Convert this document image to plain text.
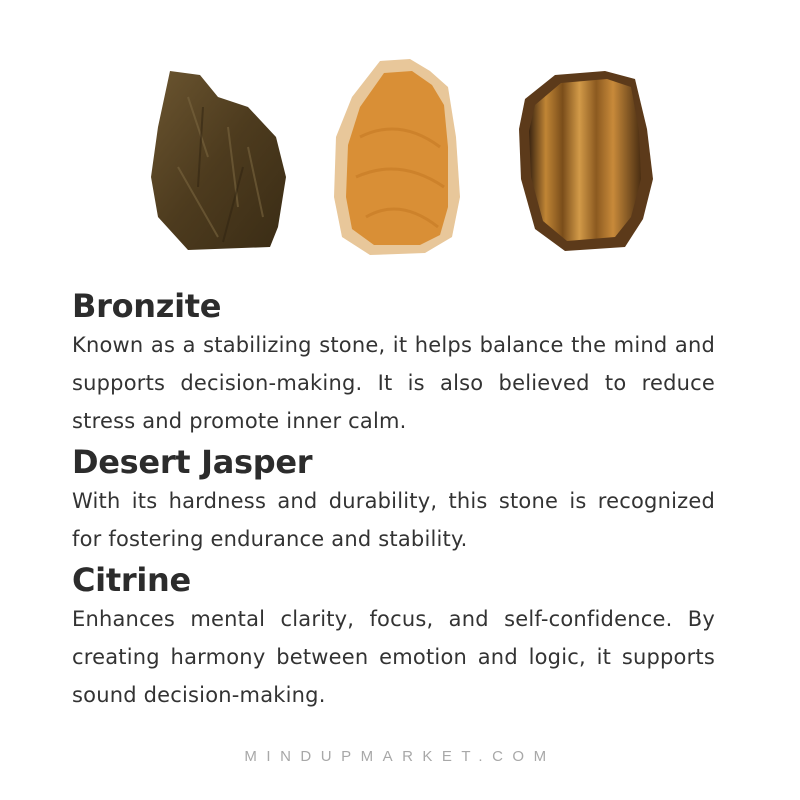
Bronzite

Known as a stabilizing stone, it helps balance the mind and supports decision-making. It is also believed to reduce stress and promote inner calm.

Desert Jasper

With its hardness and durability, this stone is recognized for fostering endurance and stability.

Citrine

Enhances mental clarity, focus, and self-confidence. By creating harmony between emotion and logic, it supports sound decision-making.

MINDUPMARKET.COM
